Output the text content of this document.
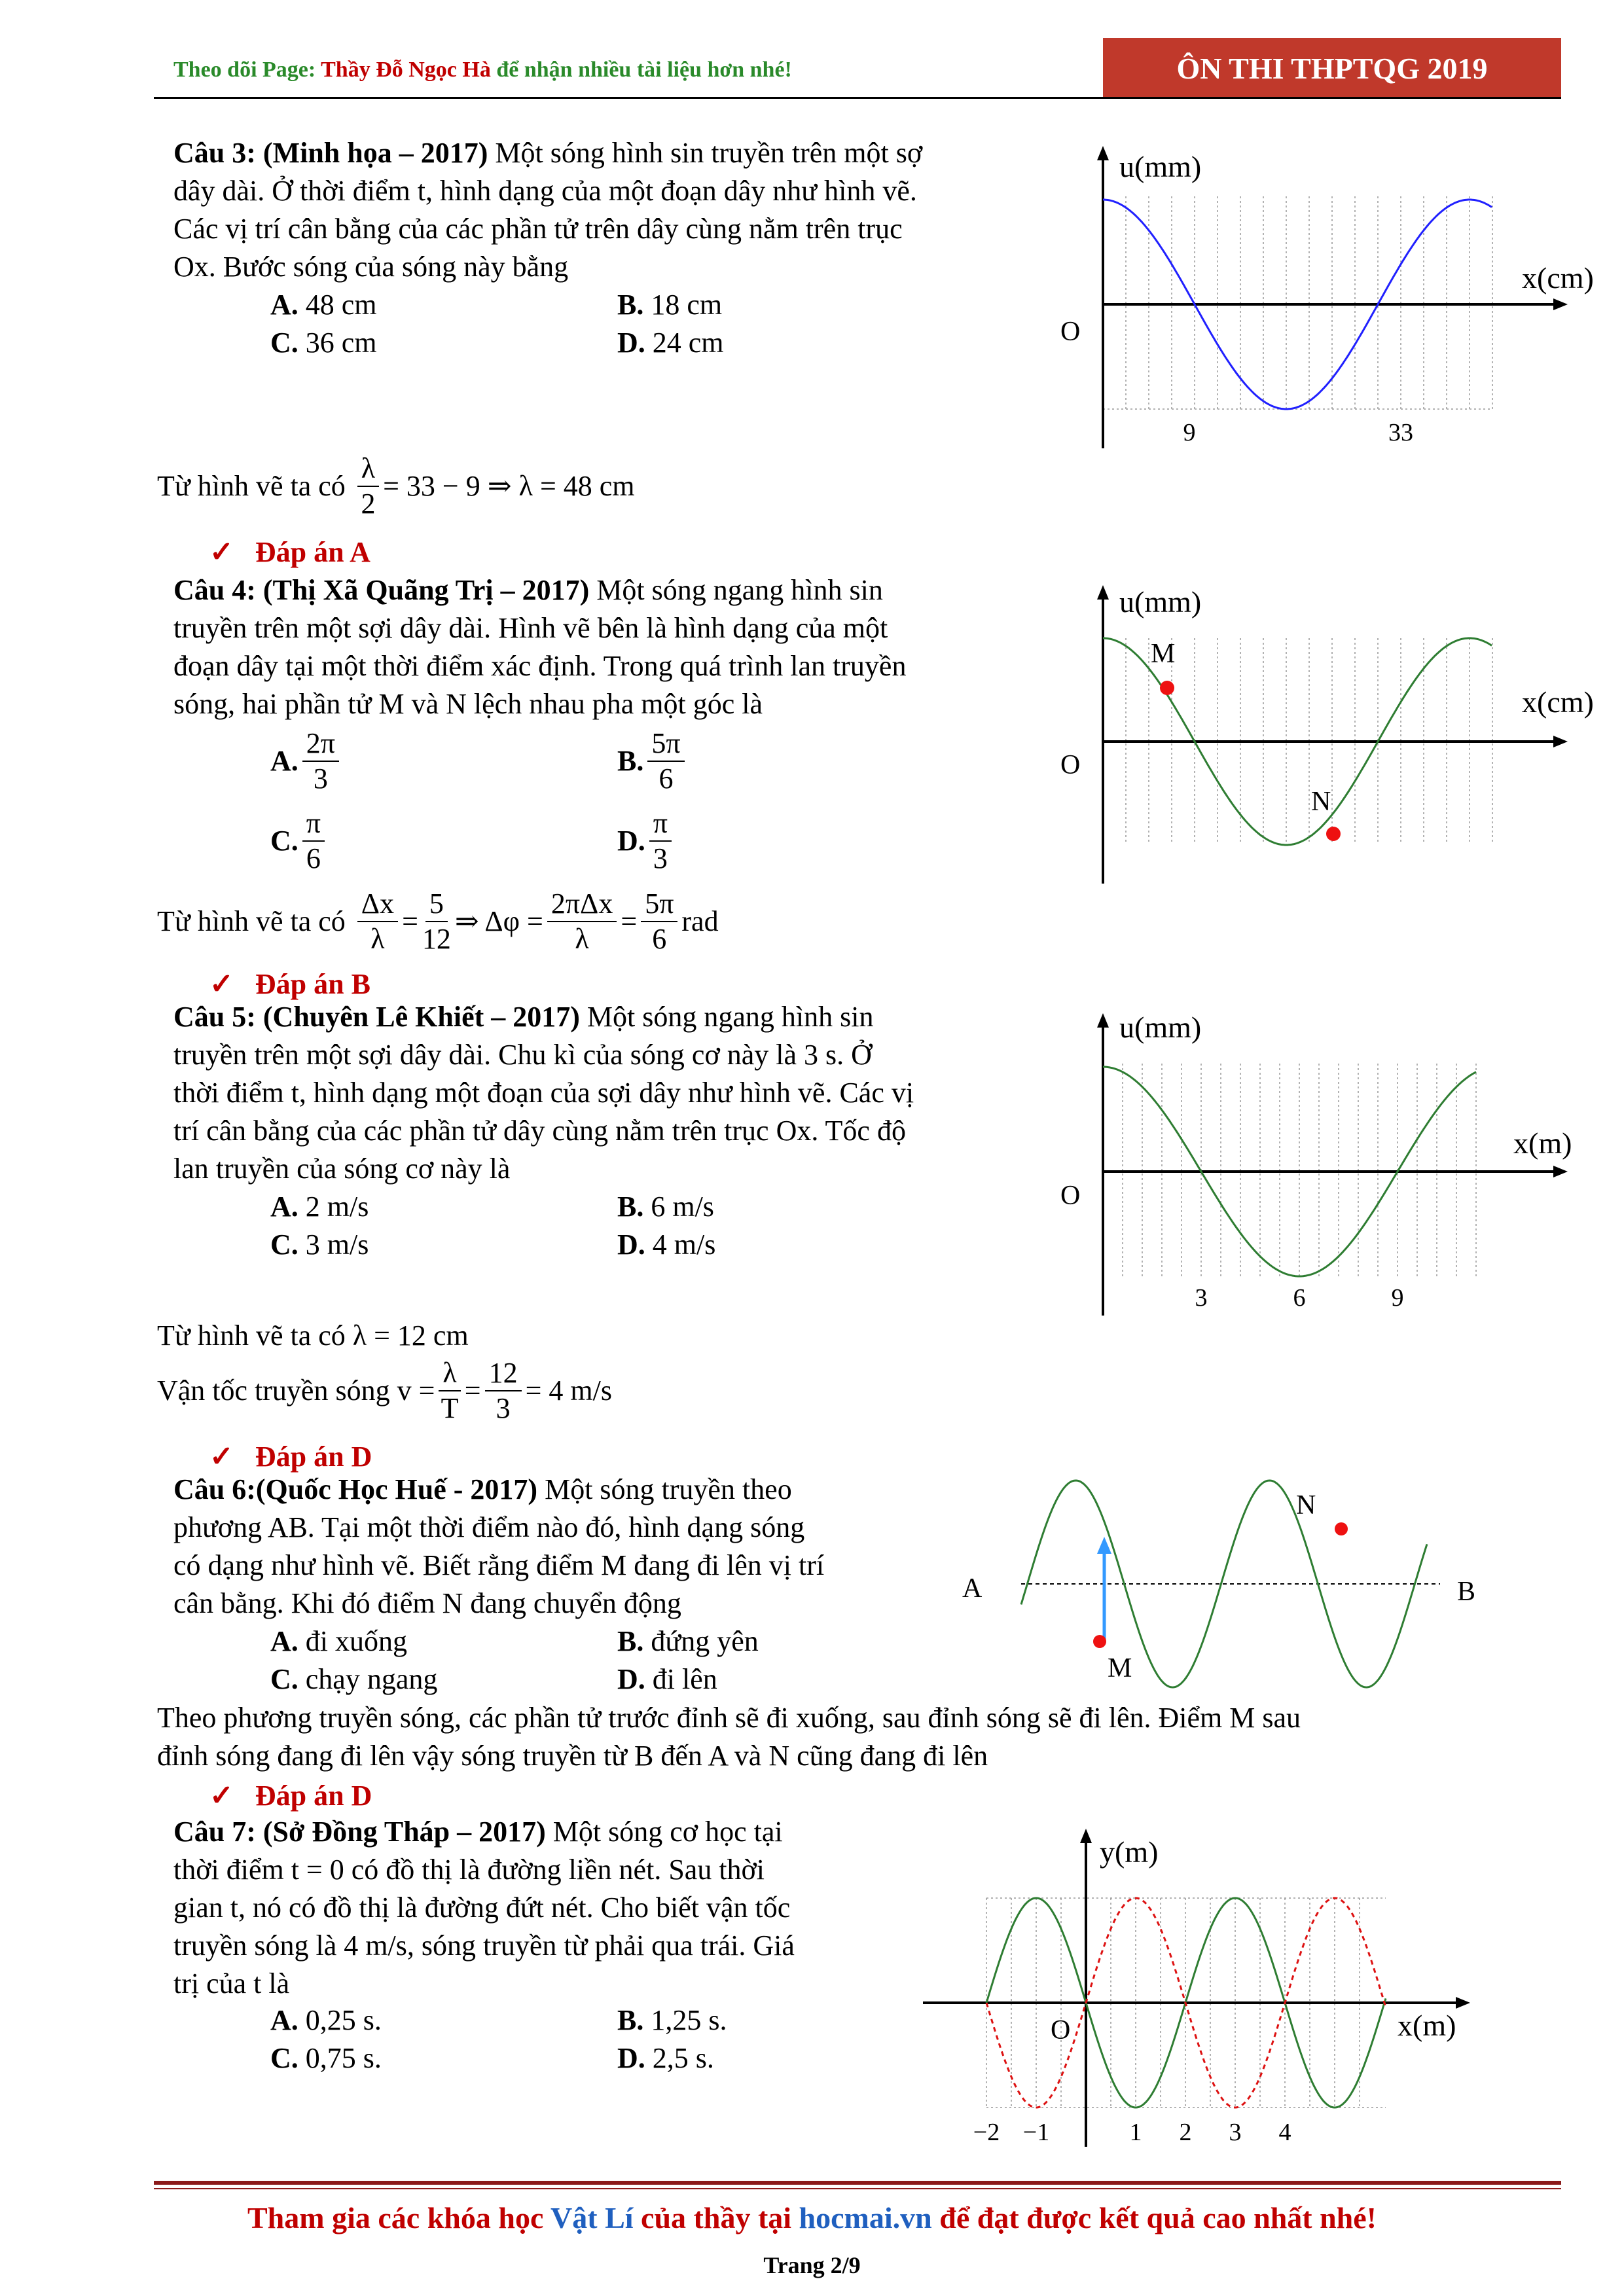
Theo dõi Page: Thầy Đỗ Ngọc Hà để nhận nhiều tài liệu hơn nhé!	ÔN THI THPTQG 2019
Câu 3: (Minh họa – 2017) Một sóng hình sin truyền trên một sợ
dây dài. Ở thời điểm t, hình dạng của một đoạn dây như hình vẽ.
Các vị trí cân bằng của các phần tử trên dây cùng nằm trên trục
Ox. Bước sóng của sóng này bằng
A. 48 cm	B. 18 cm
C. 36 cm	D. 24 cm
Từ hình vẽ ta có $\frac{\lambda}{2} = 33 - 9$ ⇒ λ = 48 cm
✓ Đáp án A
u(mm)
x(cm)
O
9	33
Câu 4: (Thị Xã Quãng Trị – 2017) Một sóng ngang hình sin
truyền trên một sợi dây dài. Hình vẽ bên là hình dạng của một
đoạn dây tại một thời điểm xác định. Trong quá trình lan truyền
sóng, hai phần tử M và N lệch nhau pha một góc là
A. $\frac{2\pi}{3}$	B. $\frac{5\pi}{6}$
C. $\frac{\pi}{6}$	D. $\frac{\pi}{3}$
Từ hình vẽ ta có $\frac{\Delta x}{\lambda} = \frac{5}{12}$ ⇒ $\Delta\varphi = \frac{\text{2πΔx}}{\lambda} = \frac{5\pi}{6}$ rad
✓ Đáp án B
u(mm)
x(cm)
O
M
N
Câu 5: (Chuyên Lê Khiết – 2017) Một sóng ngang hình sin
truyền trên một sợi dây dài. Chu kì của sóng cơ này là 3 s. Ở
thời điểm t, hình dạng một đoạn của sợi dây như hình vẽ. Các vị
trí cân bằng của các phần tử dây cùng nằm trên trục Ox. Tốc độ
lan truyền của sóng cơ này là
A. 2 m/s	B. 6 m/s
C. 3 m/s	D. 4 m/s
Từ hình vẽ ta có λ = 12 cm
Vận tốc truyền sóng $v = \frac{\lambda}{T} = \frac{12}{3} = 4$ m/s
✓ Đáp án D
u(mm)
x(m)
O
3	6	9
Câu 6:(Quốc Học Huế - 2017) Một sóng truyền theo
phương AB. Tại một thời điểm nào đó, hình dạng sóng
có dạng như hình vẽ. Biết rằng điểm M đang đi lên vị trí
cân bằng. Khi đó điểm N đang chuyển động
A. đi xuống	B. đứng yên
C. chạy ngang	D. đi lên
Theo phương truyền sóng, các phần tử trước đỉnh sẽ đi xuống, sau đỉnh sóng sẽ đi lên. Điểm M sau
đỉnh sóng đang đi lên vậy sóng truyền từ B đến A và N cũng đang đi lên
✓ Đáp án D
A	B
M
N
Câu 7: (Sở Đồng Tháp – 2017) Một sóng cơ học tại
thời điểm t = 0 có đồ thị là đường liền nét. Sau thời
gian t, nó có đồ thị là đường đứt nét. Cho biết vận tốc
truyền sóng là 4 m/s, sóng truyền từ phải qua trái. Giá
trị của t là
A. 0,25 s.	B. 1,25 s.
C. 0,75 s.	D. 2,5 s.
y(m)
x(m)
O
−2 −1	1 2 3 4
Tham gia các khóa học Vật Lí của thầy tại hocmai.vn để đạt được kết quả cao nhất nhé!
Trang 2/9
